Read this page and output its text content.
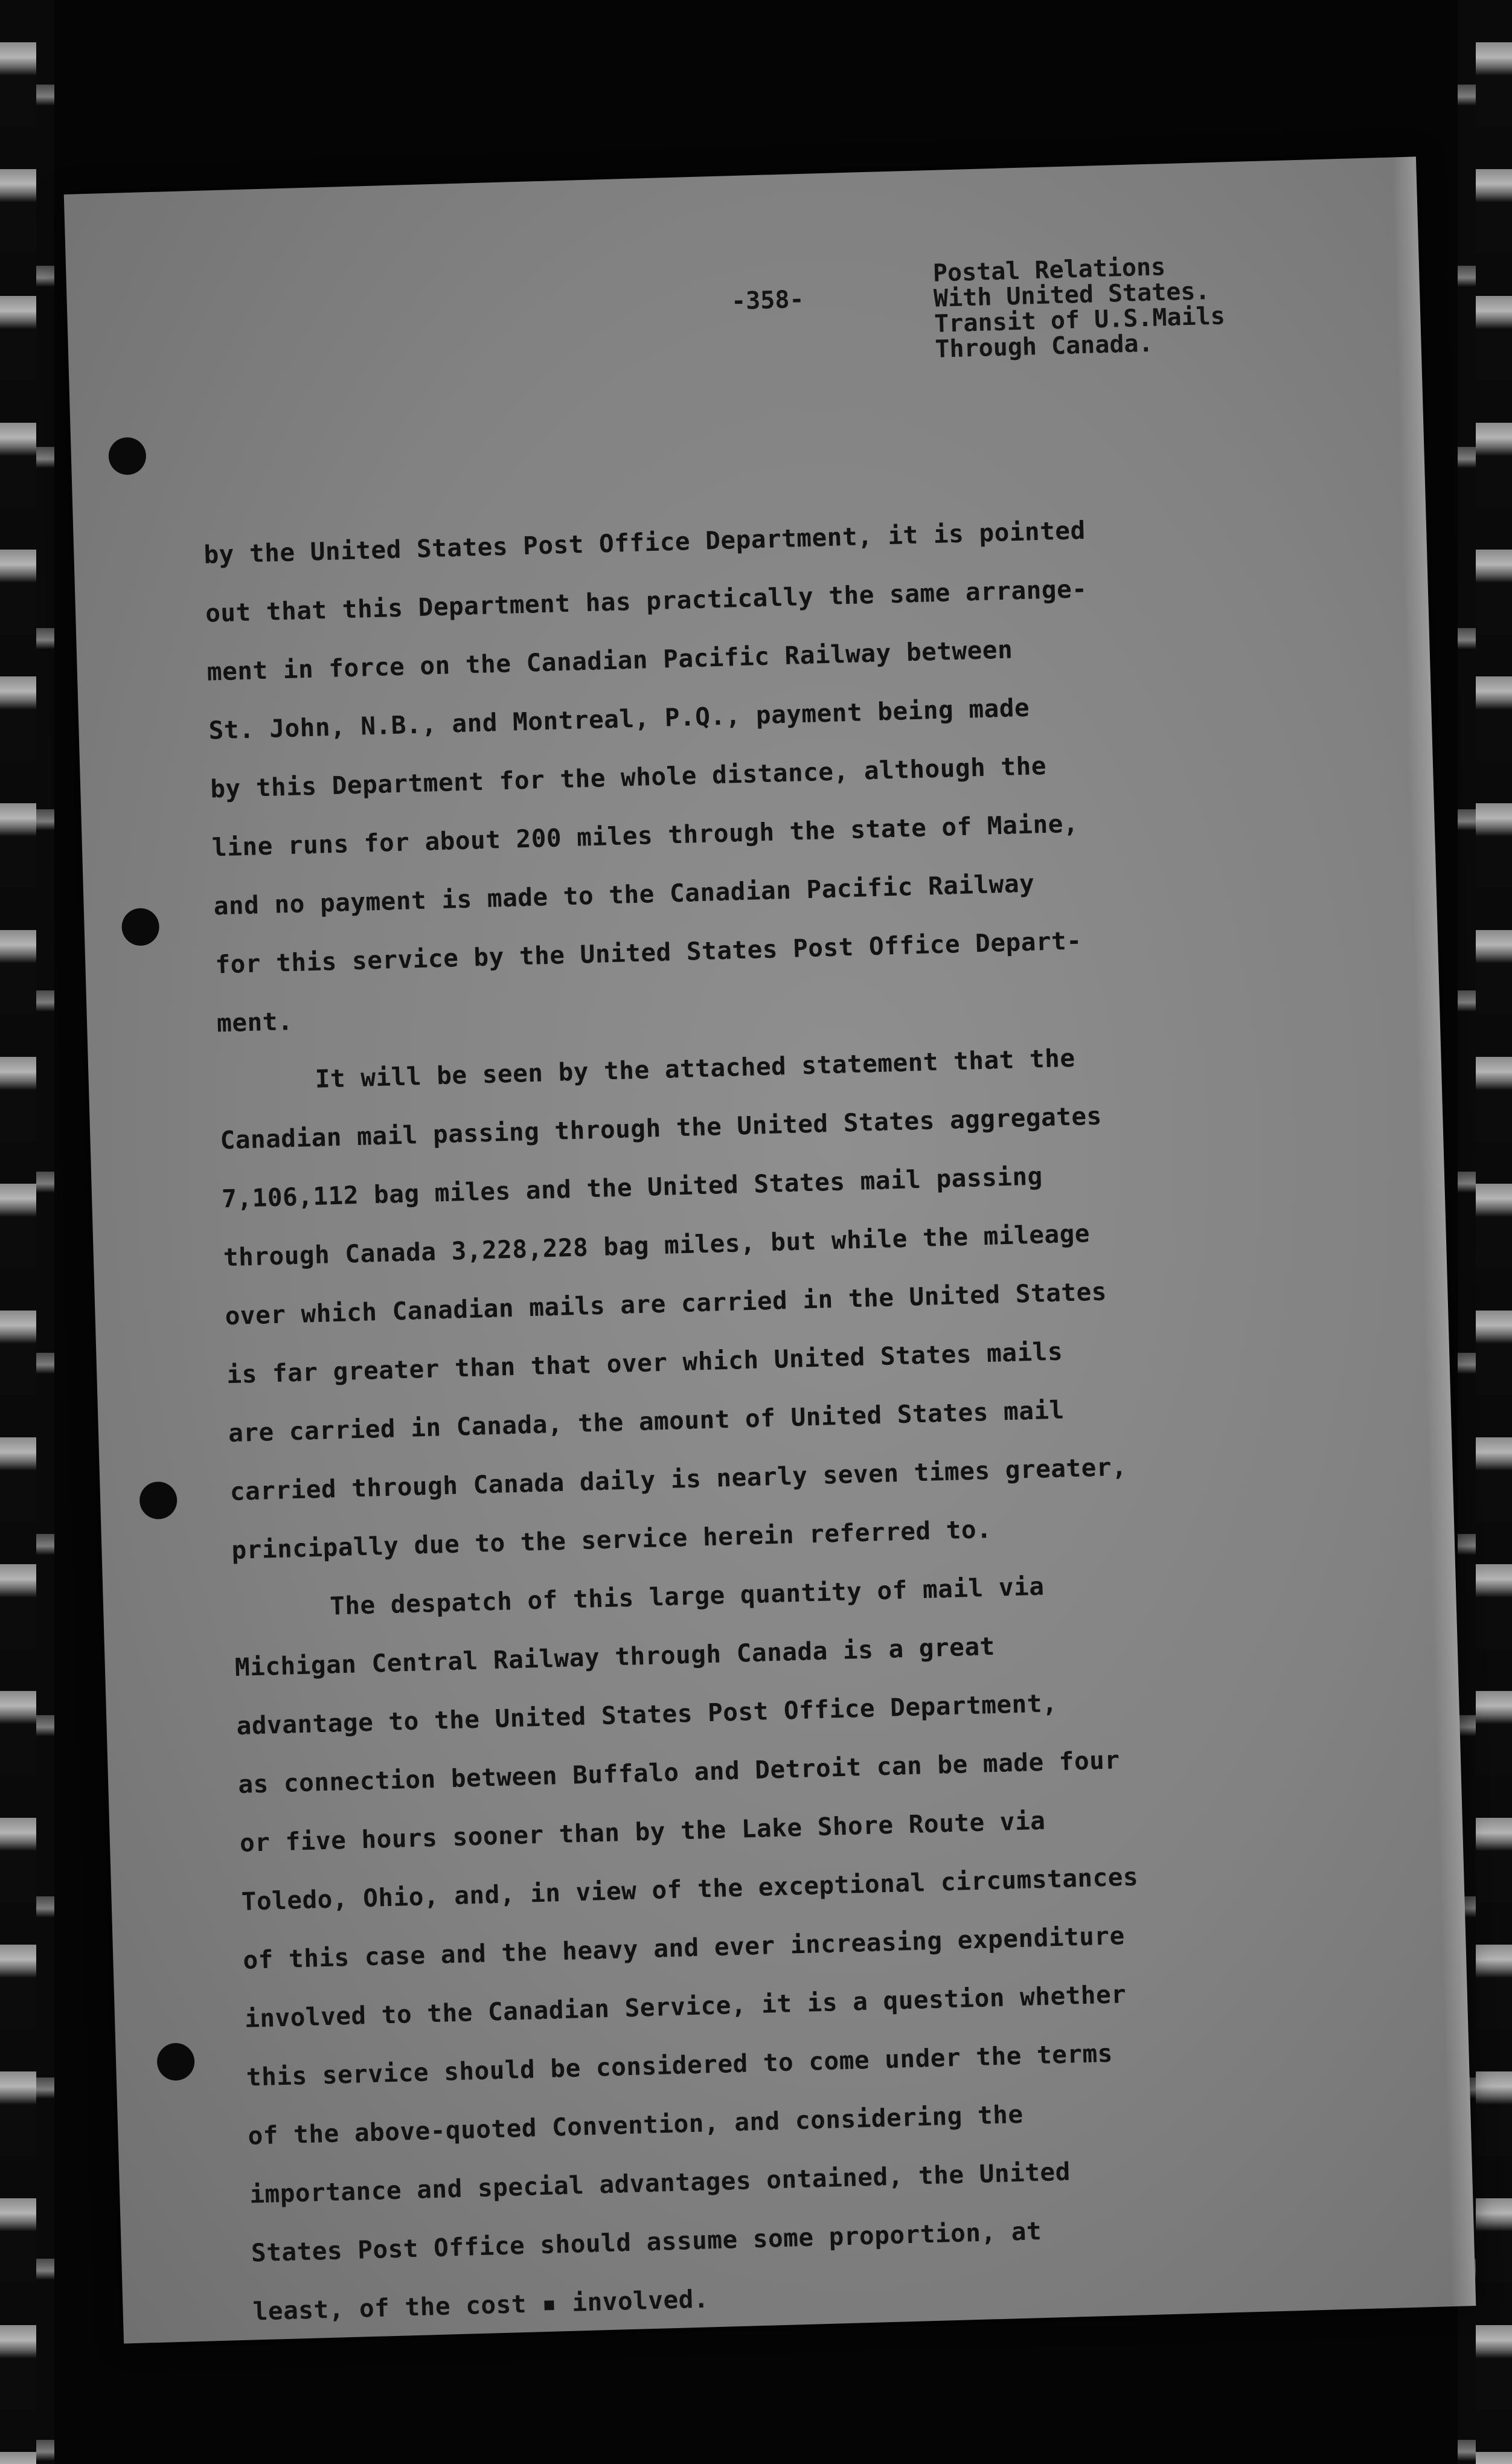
-358-
Postal Relations
With United States.
Transit of U.S.Mails
Through Canada.
by the United States Post Office Department, it is pointed
out that this Department has practically the same arrange-
ment in force on the Canadian Pacific Railway between
St. John, N.B., and Montreal, P.Q., payment being made
by this Department for the whole distance, although the
line runs for about 200 miles through the state of Maine,
and no payment is made to the Canadian Pacific Railway
for this service by the United States Post Office Depart-
ment.
It will be seen by the attached statement that the
Canadian mail passing through the United States aggregates
7,106,112 bag miles and the United States mail passing
through Canada 3,228,228 bag miles, but while the mileage
over which Canadian mails are carried in the United States
is far greater than that over which United States mails
are carried in Canada, the amount of United States mail
carried through Canada daily is nearly seven times greater,
principally due to the service herein referred to.
The despatch of this large quantity of mail via
Michigan Central Railway through Canada is a great
advantage to the United States Post Office Department,
as connection between Buffalo and Detroit can be made four
or five hours sooner than by the Lake Shore Route via
Toledo, Ohio, and, in view of the exceptional circumstances
of this case and the heavy and ever increasing expenditure
involved to the Canadian Service, it is a question whether
this service should be considered to come under the terms
of the above-quoted Convention, and considering the
importance and special advantages ontained, the United
States Post Office should assume some proportion, at
least, of the cost ▪ involved.
